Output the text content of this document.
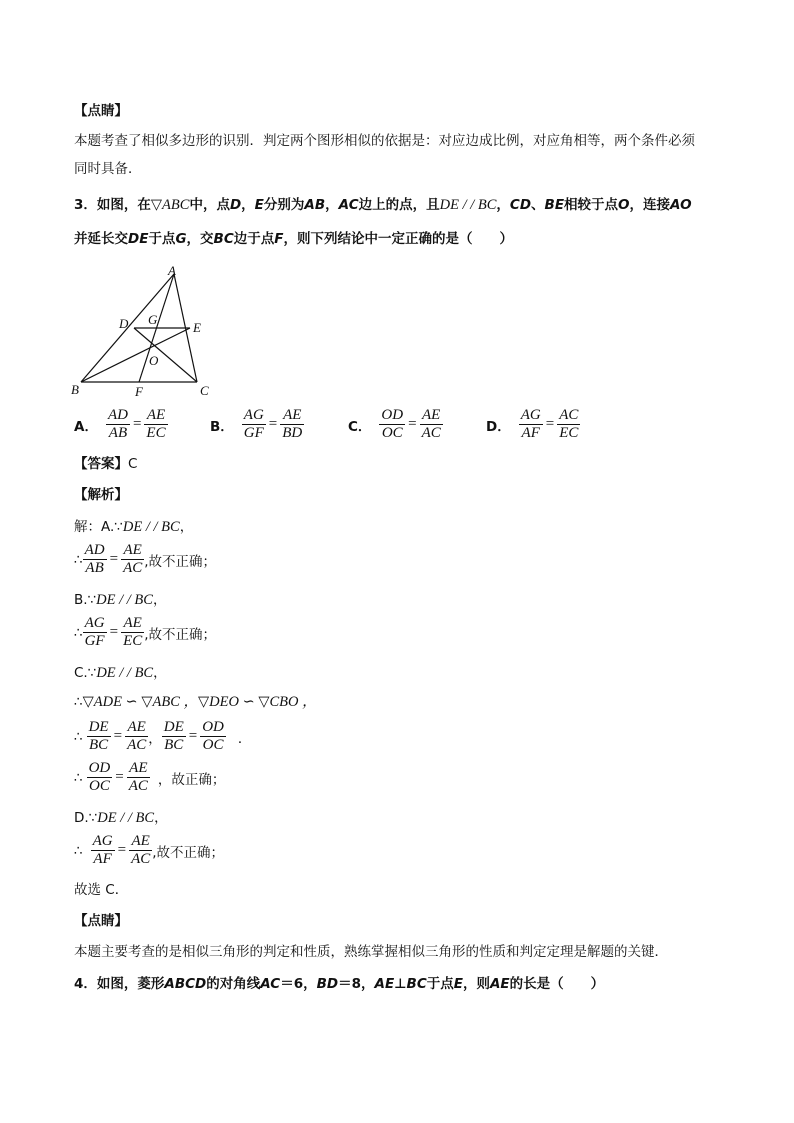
【点睛】
本题考查了相似多边形的识别．判定两个图形相似的依据是：对应边成比例，对应角相等，两个条件必须
同时具备．
3．如图，在▽ABC中，点D，E分别为AB，AC边上的点，且DE / / BC，CD、BE相较于点O，连接AO
并延长交DE于点G，交BC边于点F，则下列结论中一定正确的是（　　）
A
B	C
D	E
F
G
O
A． $\frac{AD}{AB} = \frac{AE}{EC}$	B． $\frac{AG}{GF} = \frac{AE}{BD}$	C． $\frac{OD}{OC} = \frac{AE}{AC}$	D． $\frac{AG}{AF} = \frac{AC}{EC}$
【答案】C
【解析】
解：A.∵DE / / BC，
∴ $\frac{AD}{AB} = \frac{AE}{AC}$ ,故不正确；
B.∵DE / / BC，
∴ $\frac{AG}{GF} = \frac{AE}{EC}$ ,故不正确；
C.∵DE / / BC，
∴▽ADE ∽ ▽ABC ，▽DEO ∽ ▽CBO ，
∴ $\frac{DE}{BC} = \frac{AE}{AC}$ ， $\frac{DE}{BC} = \frac{OD}{OC}$ ．
∴ $\frac{OD}{OC} = \frac{AE}{AC}$ ，故正确；
D.∵DE / / BC，
∴ $\frac{AG}{AF} = \frac{AE}{AC}$ ,故不正确；
故选 C．
【点睛】
本题主要考查的是相似三角形的判定和性质，熟练掌握相似三角形的性质和判定定理是解题的关键．
4．如图，菱形ABCD的对角线AC＝6，BD＝8，AE⊥BC于点E，则AE的长是（　　）
